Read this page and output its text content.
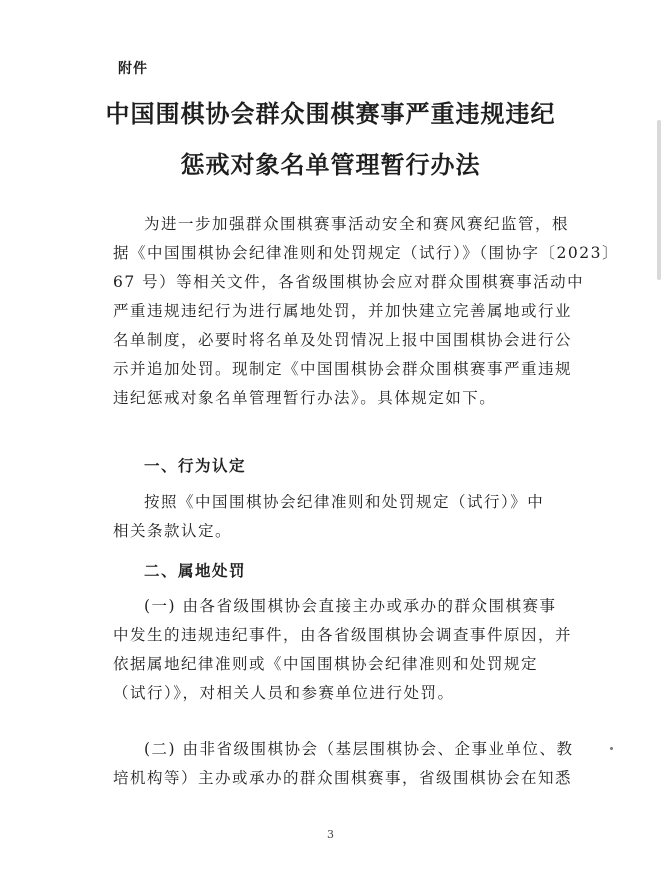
附件
中国围棋协会群众围棋赛事严重违规违纪
惩戒对象名单管理暂行办法
为进一步加强群众围棋赛事活动安全和赛风赛纪监管，根
据《中国围棋协会纪律准则和处罚规定（试行）》（围协字〔2023〕
67 号）等相关文件，各省级围棋协会应对群众围棋赛事活动中
严重违规违纪行为进行属地处罚，并加快建立完善属地或行业
名单制度，必要时将名单及处罚情况上报中国围棋协会进行公
示并追加处罚。现制定《中国围棋协会群众围棋赛事严重违规
违纪惩戒对象名单管理暂行办法》。具体规定如下。
一、行为认定
按照《中国围棋协会纪律准则和处罚规定（试行）》中
相关条款认定。
二、属地处罚
(一) 由各省级围棋协会直接主办或承办的群众围棋赛事
中发生的违规违纪事件，由各省级围棋协会调查事件原因，并
依据属地纪律准则或《中国围棋协会纪律准则和处罚规定
（试行）》，对相关人员和参赛单位进行处罚。
(二) 由非省级围棋协会（基层围棋协会、企事业单位、教
培机构等）主办或承办的群众围棋赛事，省级围棋协会在知悉
3
